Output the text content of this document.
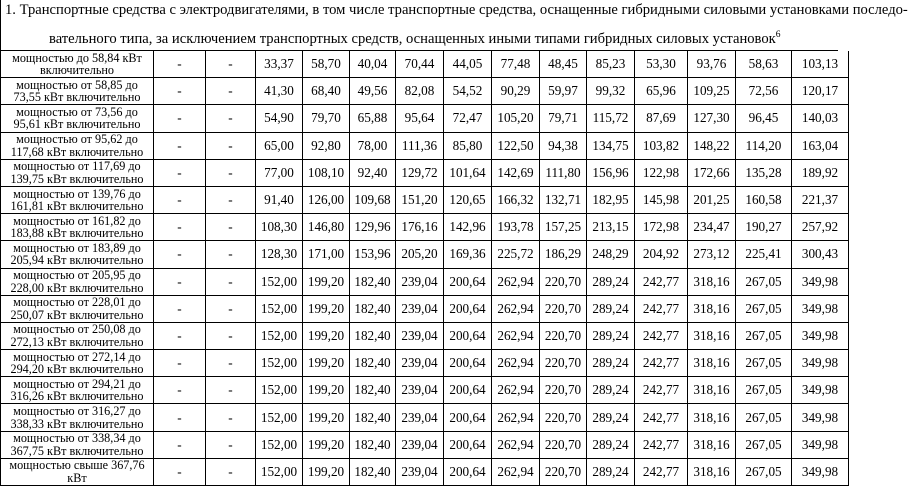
1. Транспортные средства с электродвигателями, в том числе транспортные средства, оснащенные гибридными силовыми установками последо-
вательного типа, за исключением транспортных средств, оснащенных иными типами гибридных силовых установок$^6$
мощностью до 58,84 кВт включительно	-	-	33,37	58,70	40,04	70,44	44,05	77,48	48,45	85,23	53,30	93,76	58,63	103,13
мощностью от 58,85 до 73,55 кВт включительно	-	-	41,30	68,40	49,56	82,08	54,52	90,29	59,97	99,32	65,96	109,25	72,56	120,17
мощностью от 73,56 до 95,61 кВт включительно	-	-	54,90	79,70	65,88	95,64	72,47	105,20	79,71	115,72	87,69	127,30	96,45	140,03
мощностью от 95,62 до 117,68 кВт включительно	-	-	65,00	92,80	78,00	111,36	85,80	122,50	94,38	134,75	103,82	148,22	114,20	163,04
мощностью от 117,69 до 139,75 кВт включительно	-	-	77,00	108,10	92,40	129,72	101,64	142,69	111,80	156,96	122,98	172,66	135,28	189,92
мощностью от 139,76 до 161,81 кВт включительно	-	-	91,40	126,00	109,68	151,20	120,65	166,32	132,71	182,95	145,98	201,25	160,58	221,37
мощностью от 161,82 до 183,88 кВт включительно	-	-	108,30	146,80	129,96	176,16	142,96	193,78	157,25	213,15	172,98	234,47	190,27	257,92
мощностью от 183,89 до 205,94 кВт включительно	-	-	128,30	171,00	153,96	205,20	169,36	225,72	186,29	248,29	204,92	273,12	225,41	300,43
мощностью от 205,95 до 228,00 кВт включительно	-	-	152,00	199,20	182,40	239,04	200,64	262,94	220,70	289,24	242,77	318,16	267,05	349,98
мощностью от 228,01 до 250,07 кВт включительно	-	-	152,00	199,20	182,40	239,04	200,64	262,94	220,70	289,24	242,77	318,16	267,05	349,98
мощностью от 250,08 до 272,13 кВт включительно	-	-	152,00	199,20	182,40	239,04	200,64	262,94	220,70	289,24	242,77	318,16	267,05	349,98
мощностью от 272,14 до 294,20 кВт включительно	-	-	152,00	199,20	182,40	239,04	200,64	262,94	220,70	289,24	242,77	318,16	267,05	349,98
мощностью от 294,21 до 316,26 кВт включительно	-	-	152,00	199,20	182,40	239,04	200,64	262,94	220,70	289,24	242,77	318,16	267,05	349,98
мощностью от 316,27 до 338,33 кВт включительно	-	-	152,00	199,20	182,40	239,04	200,64	262,94	220,70	289,24	242,77	318,16	267,05	349,98
мощностью от 338,34 до 367,75 кВт включительно	-	-	152,00	199,20	182,40	239,04	200,64	262,94	220,70	289,24	242,77	318,16	267,05	349,98
мощностью свыше 367,76 кВт	-	-	152,00	199,20	182,40	239,04	200,64	262,94	220,70	289,24	242,77	318,16	267,05	349,98
